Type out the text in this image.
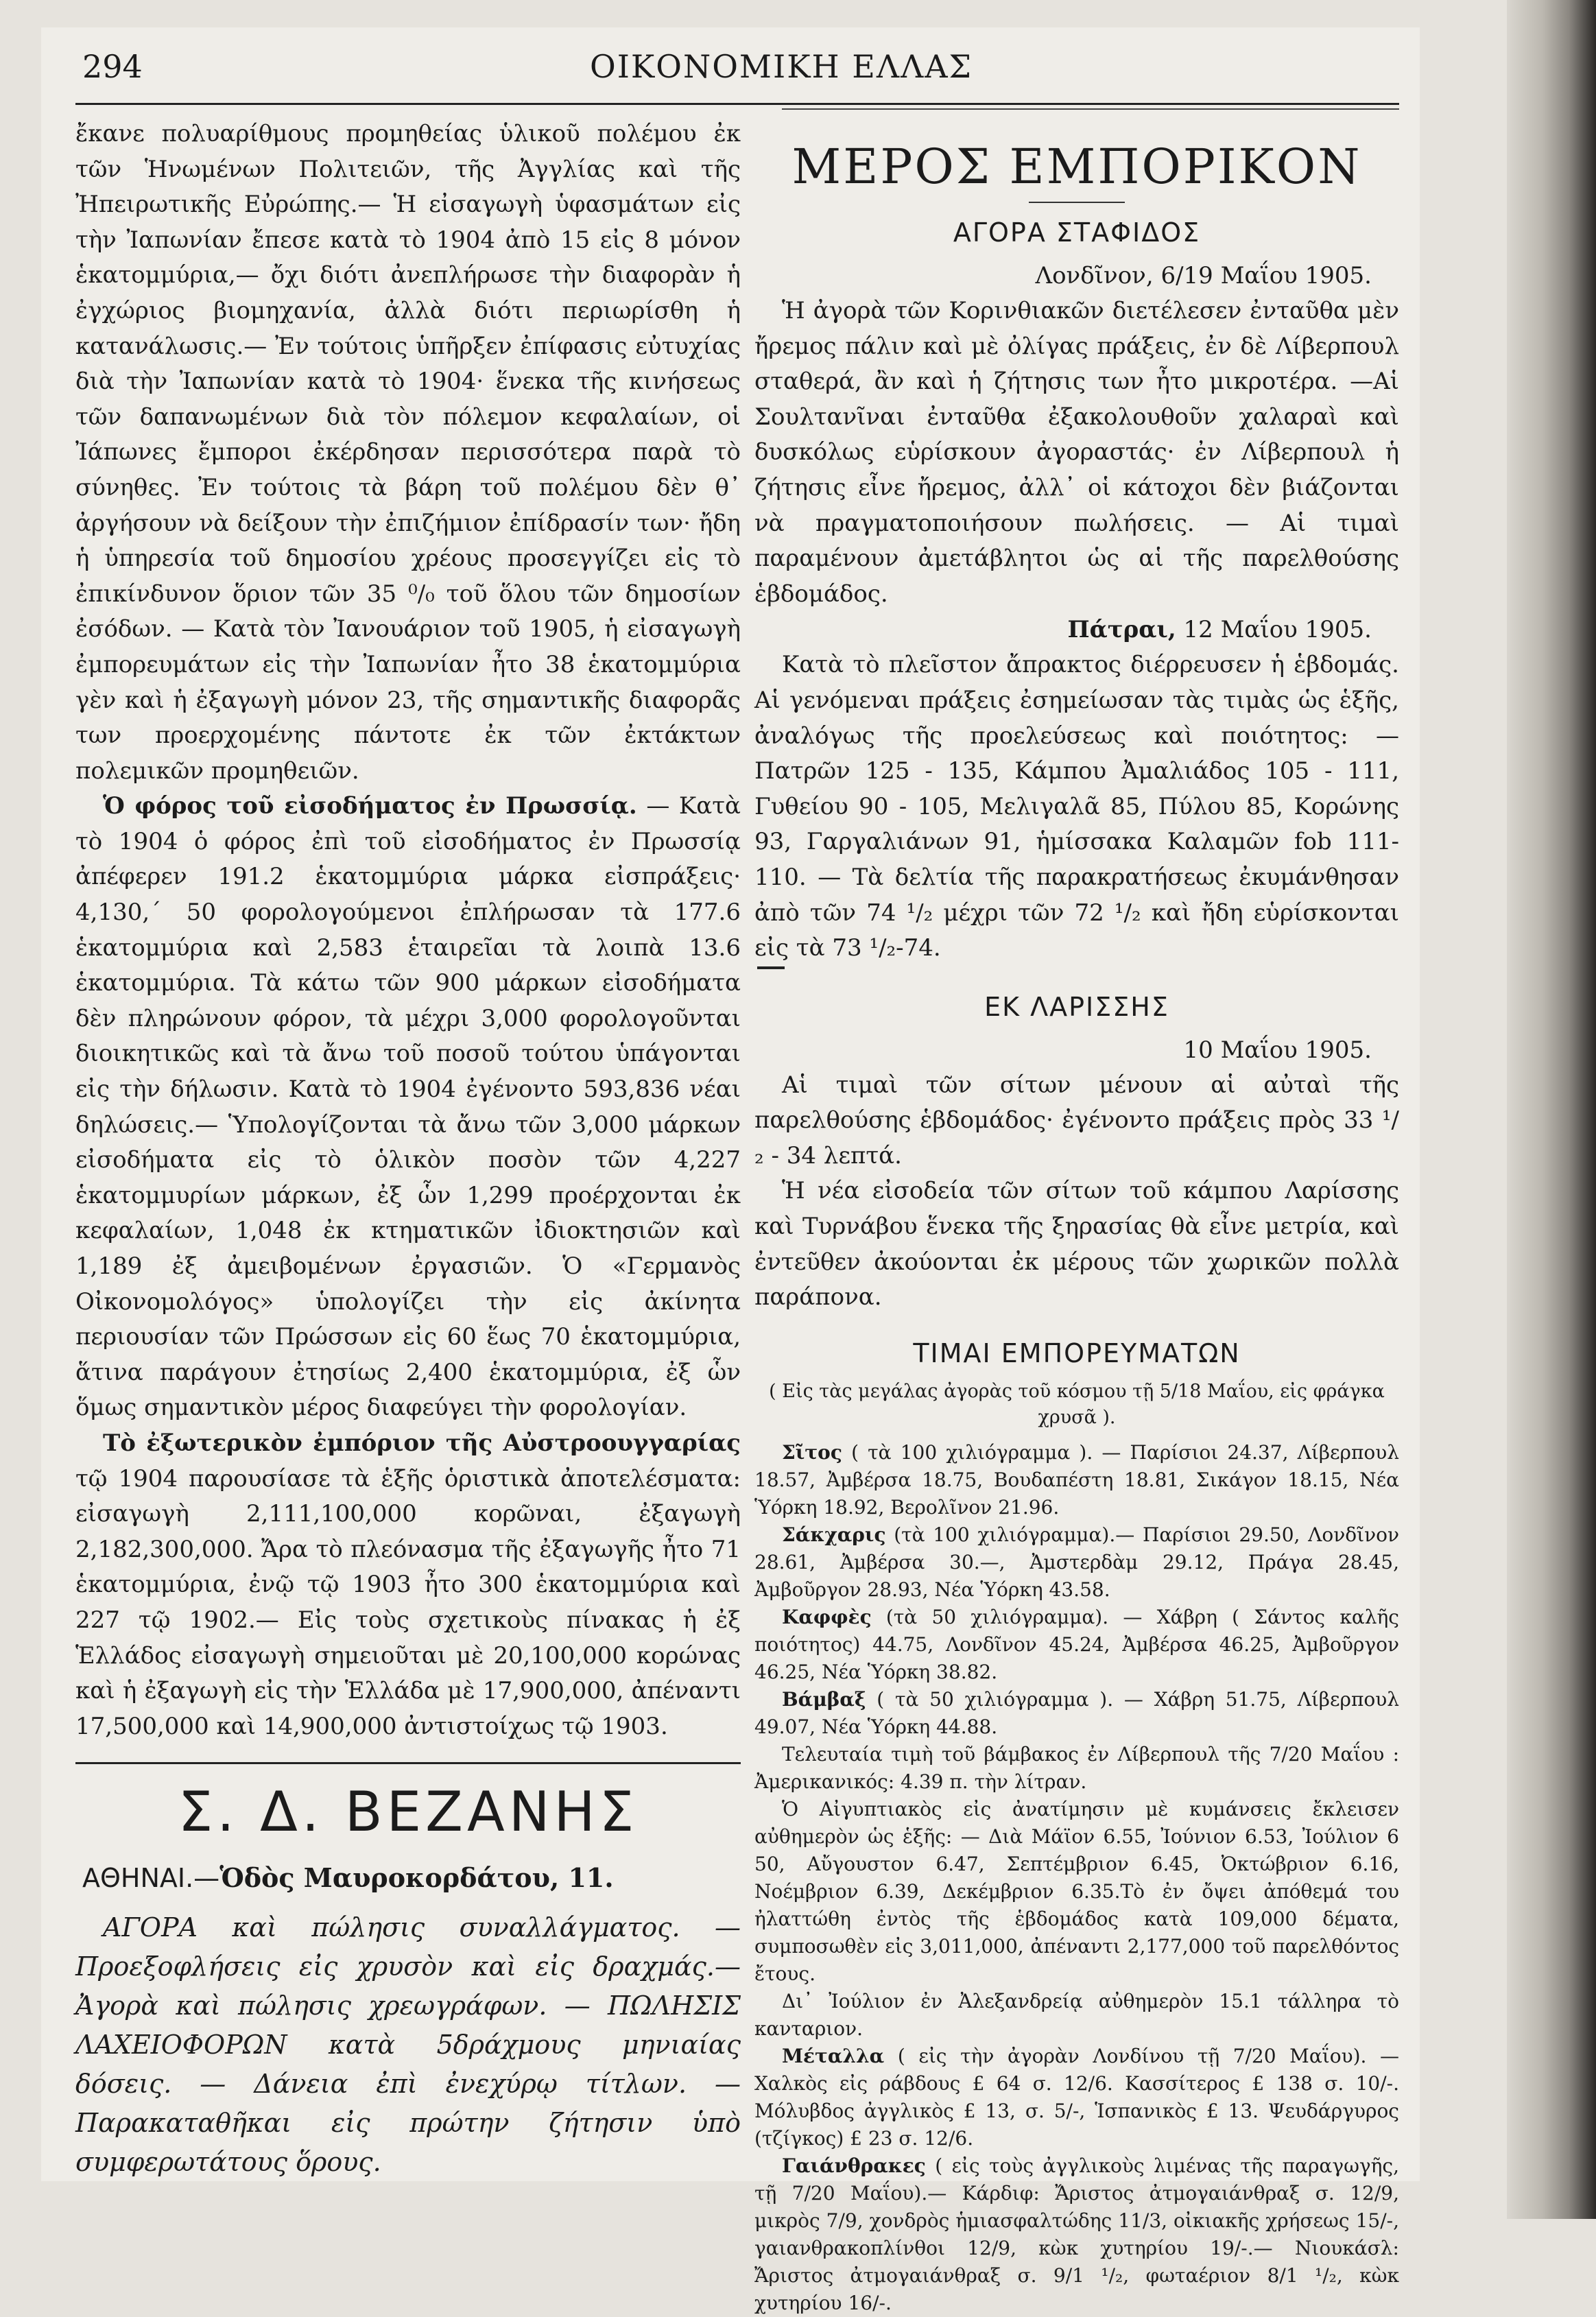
294	ΟΙΚΟΝΟΜΙΚΗ ΕΛΛΑΣ

ἔκανε πολυαρίθμους προμηθείας ὑλικοῦ πολέμου ἐκ τῶν Ἡνωμένων Πολιτειῶν, τῆς Ἀγγλίας καὶ τῆς Ἠπειρωτικῆς Εὐρώπης.— Ἡ εἰσαγωγὴ ὑφασμάτων εἰς τὴν Ἰαπωνίαν ἔπεσε κατὰ τὸ 1904 ἀπὸ 15 εἰς 8 μόνον ἑκατομμύρια,— ὄχι διότι ἀνεπλήρωσε τὴν διαφορὰν ἡ ἐγχώριος βιομηχανία, ἀλλὰ διότι περιωρίσθη ἡ κατανάλωσις.— Ἐν τούτοις ὑπῆρξεν ἐπίφασις εὐτυχίας διὰ τὴν Ἰαπωνίαν κατὰ τὸ 1904· ἕνεκα τῆς κινήσεως τῶν δαπανωμένων διὰ τὸν πόλεμον κεφαλαίων, οἱ Ἰάπωνες ἔμποροι ἐκέρδησαν περισσότερα παρὰ τὸ σύνηθες. Ἐν τούτοις τὰ βάρη τοῦ πολέμου δὲν θ᾽ ἀργήσουν νὰ δείξουν τὴν ἐπιζήμιον ἐπίδρασίν των· ἤδη ἡ ὑπηρεσία τοῦ δημοσίου χρέους προσεγγίζει εἰς τὸ ἐπικίνδυνον ὅριον τῶν 35 ⁰/₀ τοῦ ὅλου τῶν δημοσίων ἐσόδων. — Κατὰ τὸν Ἰανουάριον τοῦ 1905, ἡ εἰσαγωγὴ ἐμπορευμάτων εἰς τὴν Ἰαπωνίαν ἦτο 38 ἑκατομμύρια γὲν καὶ ἡ ἐξαγωγὴ μόνον 23, τῆς σημαντικῆς διαφορᾶς των προερχομένης πάντοτε ἐκ τῶν ἐκτάκτων πολεμικῶν προμηθειῶν.

Ὁ φόρος τοῦ εἰσοδήματος ἐν Πρωσσίᾳ. — Κατὰ τὸ 1904 ὁ φόρος ἐπὶ τοῦ εἰσοδήματος ἐν Πρωσσίᾳ ἀπέφερεν 191.2 ἑκατομμύρια μάρκα εἰσπράξεις· 4,130,΄ 50 φορολογούμενοι ἐπλήρωσαν τὰ 177.6 ἑκατομμύρια καὶ 2,583 ἑταιρεῖαι τὰ λοιπὰ 13.6 ἑκατομμύρια. Τὰ κάτω τῶν 900 μάρκων εἰσοδήματα δὲν πληρώνουν φόρον, τὰ μέχρι 3,000 φορολογοῦνται διοικητικῶς καὶ τὰ ἄνω τοῦ ποσοῦ τούτου ὑπάγονται εἰς τὴν δήλωσιν. Κατὰ τὸ 1904 ἐγένοντο 593,836 νέαι δηλώσεις.— Ὑπολογίζονται τὰ ἄνω τῶν 3,000 μάρκων εἰσοδήματα εἰς τὸ ὁλικὸν ποσὸν τῶν 4,227 ἑκατομμυρίων μάρκων, ἐξ ὧν 1,299 προέρχονται ἐκ κεφαλαίων, 1,048 ἐκ κτηματικῶν ἰδιοκτησιῶν καὶ 1,189 ἐξ ἀμειβομένων ἐργασιῶν. Ὁ «Γερμανὸς Οἰκονομολόγος» ὑπολογίζει τὴν εἰς ἀκίνητα περιουσίαν τῶν Πρώσσων εἰς 60 ἕως 70 ἑκατομμύρια, ἅτινα παράγουν ἐτησίως 2,400 ἑκατομμύρια, ἐξ ὧν ὅμως σημαντικὸν μέρος διαφεύγει τὴν φορολογίαν.

Τὸ ἐξωτερικὸν ἐμπόριον τῆς Αὐστροουγγαρίας τῷ 1904 παρουσίασε τὰ ἑξῆς ὁριστικὰ ἀποτελέσματα: εἰσαγωγὴ 2,111,100,000 κορῶναι, ἐξαγωγὴ 2,182,300,000. Ἄρα τὸ πλεόνασμα τῆς ἐξαγωγῆς ἦτο 71 ἑκατομμύρια, ἐνῷ τῷ 1903 ἦτο 300 ἑκατομμύρια καὶ 227 τῷ 1902.— Εἰς τοὺς σχετικοὺς πίνακας ἡ ἐξ Ἑλλάδος εἰσαγωγὴ σημειοῦται μὲ 20,100,000 κορώνας καὶ ἡ ἐξαγωγὴ εἰς τὴν Ἑλλάδα μὲ 17,900,000, ἀπέναντι 17,500,000 καὶ 14,900,000 ἀντιστοίχως τῷ 1903.

Σ. Δ. ΒΕΖΑΝΗΣ
ΑΘΗΝΑΙ.—Ὁδὸς Μαυροκορδάτου, 11.

ΑΓΟΡΑ καὶ πώλησις συναλλάγματος. — Προεξοφλήσεις εἰς χρυσὸν καὶ εἰς δραχμάς.— Ἀγορὰ καὶ πώλησις χρεωγράφων. — ΠΩΛΗΣΙΣ ΛΑΧΕΙΟΦΟΡΩΝ κατὰ 5δράχμους μηνιαίας δόσεις. — Δάνεια ἐπὶ ἐνεχύρῳ τίτλων. — Παρακαταθῆκαι εἰς πρώτην ζήτησιν ὑπὸ συμφερωτάτους ὅρους.

ΜΕΡΟΣ ΕΜΠΟΡΙΚΟΝ
ΑΓΟΡΑ ΣΤΑΦΙΔΟΣ
Λονδῖνον, 6/19 Μαΐου 1905.

Ἡ ἀγορὰ τῶν Κορινθιακῶν διετέλεσεν ἐνταῦθα μὲν ἤρεμος πάλιν καὶ μὲ ὀλίγας πράξεις, ἐν δὲ Λίβερπουλ σταθερά, ἂν καὶ ἡ ζήτησις των ἦτο μικροτέρα. —Αἱ Σουλτανῖναι ἐνταῦθα ἐξακολουθοῦν χαλαραὶ καὶ δυσκόλως εὑρίσκουν ἀγοραστάς· ἐν Λίβερπουλ ἡ ζήτησις εἶνε ἤρεμος, ἀλλ᾽ οἱ κάτοχοι δὲν βιάζονται νὰ πραγματοποιήσουν πωλήσεις. — Αἱ τιμαὶ παραμένουν ἀμετάβλητοι ὡς αἱ τῆς παρελθούσης ἑβδομάδος.

Πάτραι, 12 Μαΐου 1905.

Κατὰ τὸ πλεῖστον ἄπρακτος διέρρευσεν ἡ ἑβδομάς. Αἱ γενόμεναι πράξεις ἐσημείωσαν τὰς τιμὰς ὡς ἑξῆς, ἀναλόγως τῆς προελεύσεως καὶ ποιότητος: — Πατρῶν 125 - 135, Κάμπου Ἀμαλιάδος 105 - 111, Γυθείου 90 - 105, Μελιγαλᾶ 85, Πύλου 85, Κορώνης 93, Γαργαλιάνων 91, ἡμίσσακα Καλαμῶν fob 111-110. — Τὰ δελτία τῆς παρακρατήσεως ἐκυμάνθησαν ἀπὸ τῶν 74 ¹/₂ μέχρι τῶν 72 ¹/₂ καὶ ἤδη εὑρίσκονται εἰς τὰ 73 ¹/₂-74.

ΕΚ ΛΑΡΙΣΣΗΣ
10 Μαΐου 1905.

Αἱ τιμαὶ τῶν σίτων μένουν αἱ αὐταὶ τῆς παρελθούσης ἑβδομάδος· ἐγένοντο πράξεις πρὸς 33 ¹/₂ - 34 λεπτά.

Ἡ νέα εἰσοδεία τῶν σίτων τοῦ κάμπου Λαρίσσης καὶ Τυρνάβου ἕνεκα τῆς ξηρασίας θὰ εἶνε μετρία, καὶ ἐντεῦθεν ἀκούονται ἐκ μέρους τῶν χωρικῶν πολλὰ παράπονα.

ΤΙΜΑΙ ΕΜΠΟΡΕΥΜΑΤΩΝ
( Εἰς τὰς μεγάλας ἀγορὰς τοῦ κόσμου τῇ 5/18 Μαΐου, εἰς φράγκα χρυσᾶ ).

Σῖτος ( τὰ 100 χιλιόγραμμα ). — Παρίσιοι 24.37, Λίβερπουλ 18.57, Ἀμβέρσα 18.75, Βουδαπέστη 18.81, Σικάγον 18.15, Νέα Ὑόρκη 18.92, Βερολῖνον 21.96.

Σάκχαρις (τὰ 100 χιλιόγραμμα).— Παρίσιοι 29.50, Λονδῖνον 28.61, Ἀμβέρσα 30.—, Ἀμστερδὰμ 29.12, Πράγα 28.45, Ἀμβοῦργον 28.93, Νέα Ὑόρκη 43.58.

Καφφὲς (τὰ 50 χιλιόγραμμα). — Χάβρη ( Σάντος καλῆς ποιότητος) 44.75, Λονδῖνον 45.24, Ἀμβέρσα 46.25, Ἀμβοῦργον 46.25, Νέα Ὑόρκη 38.82.

Βάμβαξ ( τὰ 50 χιλιόγραμμα ). — Χάβρη 51.75, Λίβερπουλ 49.07, Νέα Ὑόρκη 44.88.

Τελευταία τιμὴ τοῦ βάμβακος ἐν Λίβερπουλ τῆς 7/20 Μαΐου : Ἀμερικανικός: 4.39 π. τὴν λίτραν.

Ὁ Αἰγυπτιακὸς εἰς ἀνατίμησιν μὲ κυμάνσεις ἔκλεισεν αὐθημερὸν ὡς ἑξῆς: — Διὰ Μάϊον 6.55, Ἰούνιον 6.53, Ἰούλιον 6 50, Αὔγουστον 6.47, Σεπτέμβριον 6.45, Ὀκτώβριον 6.16, Νοέμβριον 6.39, Δεκέμβριον 6.35.Τὸ ἐν ὄψει ἀπόθεμά του ἠλαττώθη ἐντὸς τῆς ἑβδομάδος κατὰ 109,000 δέματα, συμποσωθὲν εἰς 3,011,000, ἀπέναντι 2,177,000 τοῦ παρελθόντος ἔτους.

Δι᾽ Ἰούλιον ἐν Ἀλεξανδρείᾳ αὐθημερὸν 15.1 τάλληρα τὸ κανταριον.

Μέταλλα ( εἰς τὴν ἀγορὰν Λονδίνου τῇ 7/20 Μαΐου). — Χαλκὸς εἰς ράβδους £ 64 σ. 12/6. Κασσίτερος £ 138 σ. 10/-. Μόλυβδος ἀγγλικὸς £ 13, σ. 5/-, Ἱσπανικὸς £ 13. Ψευδάργυρος (τζίγκος) £ 23 σ. 12/6.

Γαιάνθρακες ( εἰς τοὺς ἀγγλικοὺς λιμένας τῆς παραγωγῆς, τῇ 7/20 Μαΐου).— Κάρδιφ: Ἄριστος ἀτμογαιάνθραξ σ. 12/9, μικρὸς 7/9, χονδρὸς ἡμιασφαλτώδης 11/3, οἰκιακῆς χρήσεως 15/-, γαιανθρακοπλίνθοι 12/9, κὼκ χυτηρίου 19/-.— Νιουκάσλ: Ἄριστος ἀτμογαιάνθραξ σ. 9/1 ¹/₂, φωταέριον 8/1 ¹/₂, κὼκ χυτηρίου 16/-.
